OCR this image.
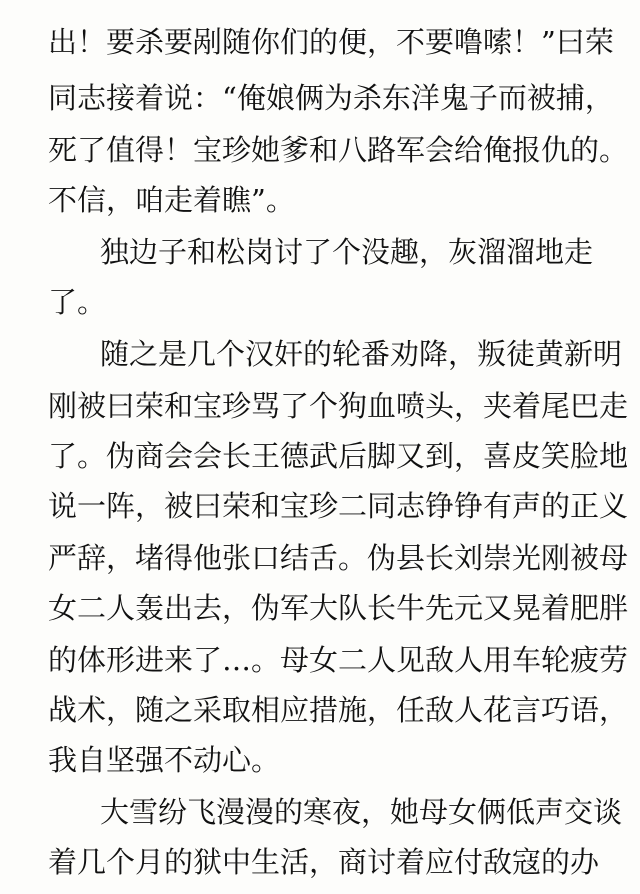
出！要杀要剐随你们的便，不要噜嗦！”曰荣
同志接着说：“俺娘俩为杀东洋鬼子而被捕，
死了值得！宝珍她爹和八路军会给俺报仇的。
不信，咱走着瞧”。
独边子和松岗讨了个没趣，灰溜溜地走
了。
随之是几个汉奸的轮番劝降，叛徒黄新明
刚被曰荣和宝珍骂了个狗血喷头，夹着尾巴走
了。伪商会会长王德武后脚又到，喜皮笑脸地
说一阵，被曰荣和宝珍二同志铮铮有声的正义
严辞，堵得他张口结舌。伪县长刘崇光刚被母
女二人轰出去，伪军大队长牛先元又晃着肥胖
的体形进来了…。母女二人见敌人用车轮疲劳
战术，随之采取相应措施，任敌人花言巧语，
我自坚强不动心。
大雪纷飞漫漫的寒夜，她母女俩低声交谈
着几个月的狱中生活，商讨着应付敌寇的办
